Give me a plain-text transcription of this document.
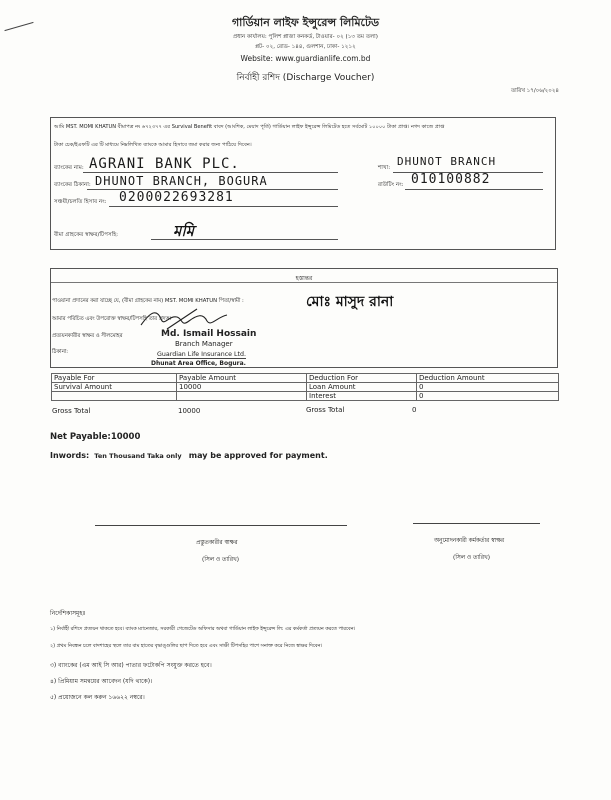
গার্ডিয়ান লাইফ ইন্সুরেন্স লিমিটেড
প্রধান কার্যালয়: পুলিশ প্লাজা কনকর্ড, টাওয়ার- ০২ (১৩ তম তলা)
প্লট- ০২, রোড- ১৪৪, গুলশান, ঢাকা- ১২১২
Website: www.guardianlife.com.bd
নির্বাহী রশিদ (Discharge Voucher)
তারিখ ১৭/০৬/২০২৪
আমি MST. MOMI KHATUN বীমাপত্র নং ৬৭২৩৭৭ এর Survival Benefit বাবদ (আংশিক, মেয়াদ পূর্তি) গার্ডিয়ান লাইফ ইন্সুরেন্স লিমিটেড হতে সর্বমোট ১০০০০ টাকা প্রাপ্ত। নগদ কাজে প্রাপ্ত
টাকা চেক/ইএফটি এর টি মাধ্যমে নিম্নলিখিত ব্যাংকে আমার হিসাবে জমা করার জন্য পাঠিয়ে দিবেন।
ব্যাংকের নাম: AGRANI BANK PLC.	শাখা: DHUNOT BRANCH
ব্যাংকের ঠিকানা: DHUNOT BRANCH, BOGURA	রাউটিং নং: 010100882
সঞ্চয়ী/চলতি হিসাব নং: 0200022693281
বীমা গ্রাহকের স্বাক্ষর/টিপসহি:	মমি
হস্তান্তর
পাওয়ানা প্রদানের করা যাচ্ছে যে, (বীমা গ্রাহকের নাম) MST. MOMI KHATUN পিতা/স্বামী :	মোঃ মাসুদ রানা
আমার পরিচিত এবং উপরোক্ত স্বাক্ষর/টিপসহি তার প্রদত্ত।
প্রত্যয়নকারীর স্বাক্ষর ও সীলমোহর
ঠিকানা:
Md. Ismail Hossain
Branch Manager
Guardian Life Insurance Ltd.
Dhunat Area Office, Bogura.
Payable For	Payable Amount	Deduction For	Deduction Amount
Survival Amount	10000	Loan Amount	0
		Interest	0
Gross Total	10000	Gross Total	0
Net Payable:10000
Inwords: Ten Thousand Taka only may be approved for payment.
প্রস্তুতকারীর স্বাক্ষর
(সিল ও তারিখ)
অনুমোদনকারী কর্মকর্তার স্বাক্ষর
(সিল ও তারিখ)
নির্দেশিকাসমূহঃ
১) নির্বাহী রশিদে প্রত্যয়ন থাকতে হবে। ব্যাংক ম্যানেজার, সরকারী গেজেটেড অফিসার অথবা গার্ডিয়ান লাইফ ইন্সুরেন্স লি: এর কর্মকর্তা প্রত্যয়ন করতে পারবেন।
২) প্রথম নিবন্ধন চলে বাদশাহের স্থলে তার বাম হাতের বৃদ্ধাঙ্গুলির ছাপ দিতে হবে এবং সাক্ষী টিপসহির পাশে সনাক্ত করে নিজে স্বাক্ষর দিবেন।
৩) ব্যাংকের (এম আই সি আর) পাতার ফটোকপি সংযুক্ত করতে হবে।
৪) প্রিমিয়াম সমন্বয়ের আবেদন (যদি থাকে)।
৫) প্রয়োজনে কল করুন ১৬৬২২ নম্বরে।
